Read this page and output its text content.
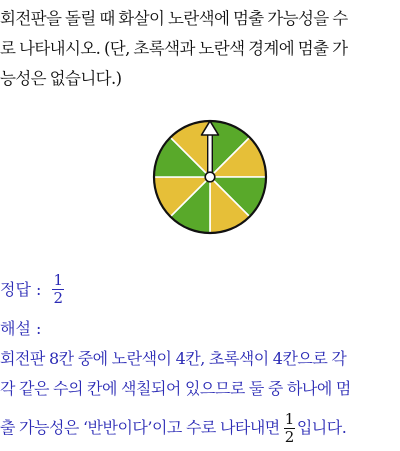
회전판을 돌릴 때 화살이 노란색에 멈출 가능성을 수
로 나타내시오. (단, 초록색과 노란색 경계에 멈출 가
능성은 없습니다.)
정답 : $\frac{1}{2}$
해설 :
회전판 8칸 중에 노란색이 4칸, 초록색이 4칸으로 각
각 같은 수의 칸에 색칠되어 있으므로 둘 중 하나에 멈
출 가능성은 ‘반반이다’이고 수로 나타내면 $\frac{1}{2}$ 입니다.
